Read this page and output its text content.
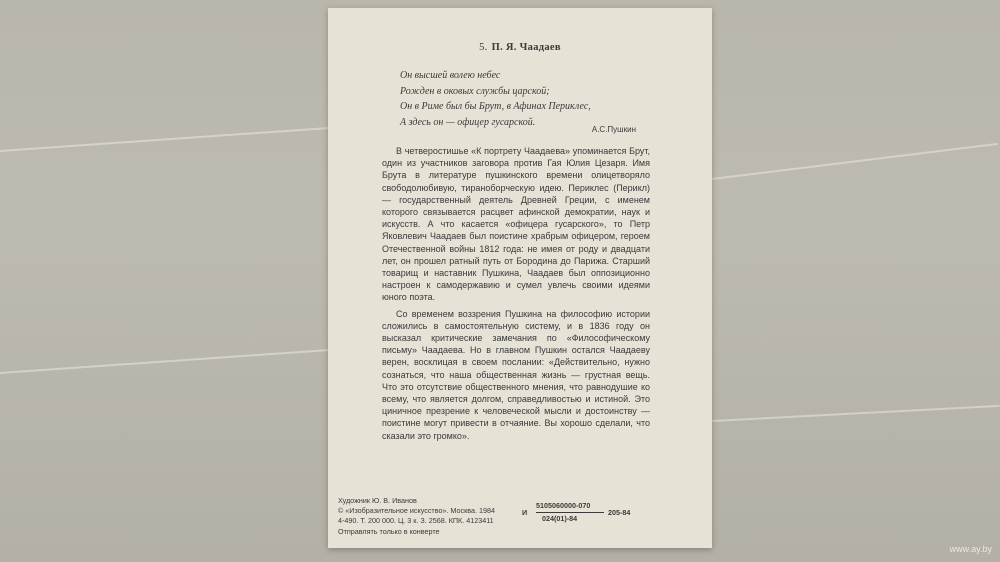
5. П. Я. Чаадаев
Он высшей волею небес
Рожден в оковых службы царской;
Он в Риме был бы Брут, в Афинах Периклес,
А здесь он — офицер гусарской.
А.С.Пушкин

В четверостишье «К портрету Чаадаева» упоминается Брут, один из участников заговора против Гая Юлия Цезаря. Имя Брута в литературе пушкинского времени олицетворяло свободолюбивую, тираноборческую идею. Периклес (Перикл) — государственный деятель Древней Греции, с именем которого связывается расцвет афинской демократии, наук и искусств. А что касается «офицера гусарского», то Петр Яковлевич Чаадаев был поистине храбрым офицером, героем Отечественной войны 1812 года: не имея от роду и двадцати лет, он прошел ратный путь от Бородина до Парижа. Старший товарищ и наставник Пушкина, Чаадаев был оппозиционно настроен к самодержавию и сумел увлечь своими идеями юного поэта.

Со временем воззрения Пушкина на философию истории сложились в самостоятельную систему, и в 1836 году он высказал критические замечания по «Философическому письму» Чаадаева. Но в главном Пушкин остался Чаадаеву верен, восклицая в своем послании: «Действительно, нужно сознаться, что наша общественная жизнь — грустная вещь. Что это отсутствие общественного мнения, что равнодушие ко всему, что является долгом, справедливостью и истиной. Это циничное презрение к человеческой мысли и достоинству — поистине могут привести в отчаяние. Вы хорошо сделали, что сказали это громко».

Художник Ю. В. Иванов
© «Изобразительное искусство». Москва. 1984
4-490. Т. 200 000. Ц. 3 к. З. 2568. КПК. 4123411
Отправлять только в конверте
И
5105060000-070
024(01)-84
205-84
www.ay.by
